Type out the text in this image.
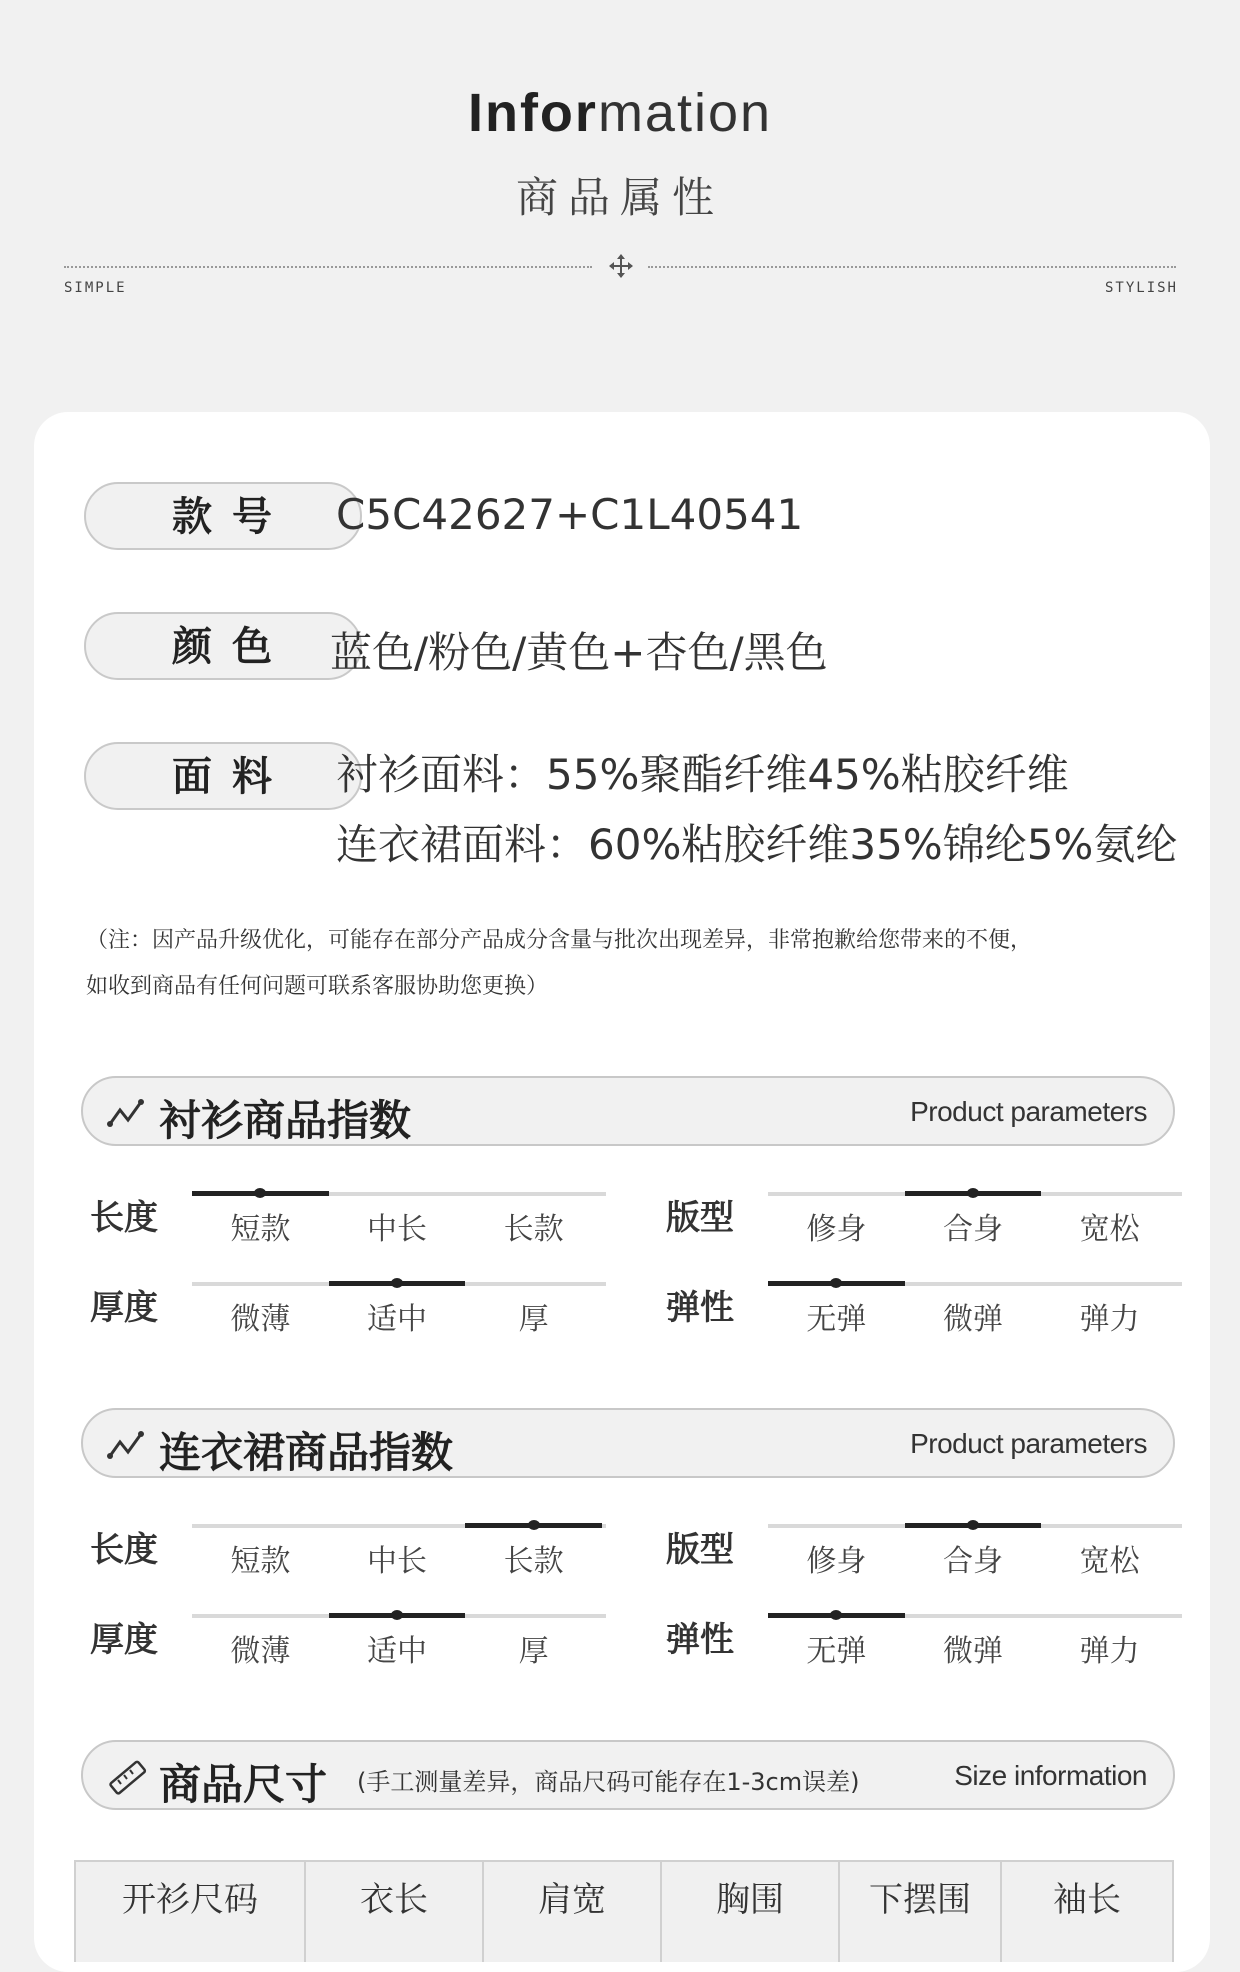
Information
商品属性
SIMPLE	STYLISH
款号	C5C42627+C1L40541
颜色 蓝色/粉色/黄色+杏色/黑色
面料	衬衫面料：55%聚酯纤维45%粘胶纤维
连衣裙面料：60%粘胶纤维35%锦纶5%氨纶
（注：因产品升级优化，可能存在部分产品成分含量与批次出现差异，非常抱歉给您带来的不便，
如收到商品有任何问题可联系客服协助您更换）
衬衫商品指数	Product parameters
长度	短款	中长	长款	版型	修身	合身	宽松
厚度	微薄	适中	厚	弹性	无弹	微弹	弹力
连衣裙商品指数	Product parameters
长度	短款	中长	长款	版型	修身	合身	宽松
厚度	微薄	适中	厚	弹性	无弹	微弹	弹力
商品尺寸 (手工测量差异，商品尺码可能存在1-3cm误差)	Size information
开衫尺码	衣长	肩宽	胸围	下摆围	袖长
